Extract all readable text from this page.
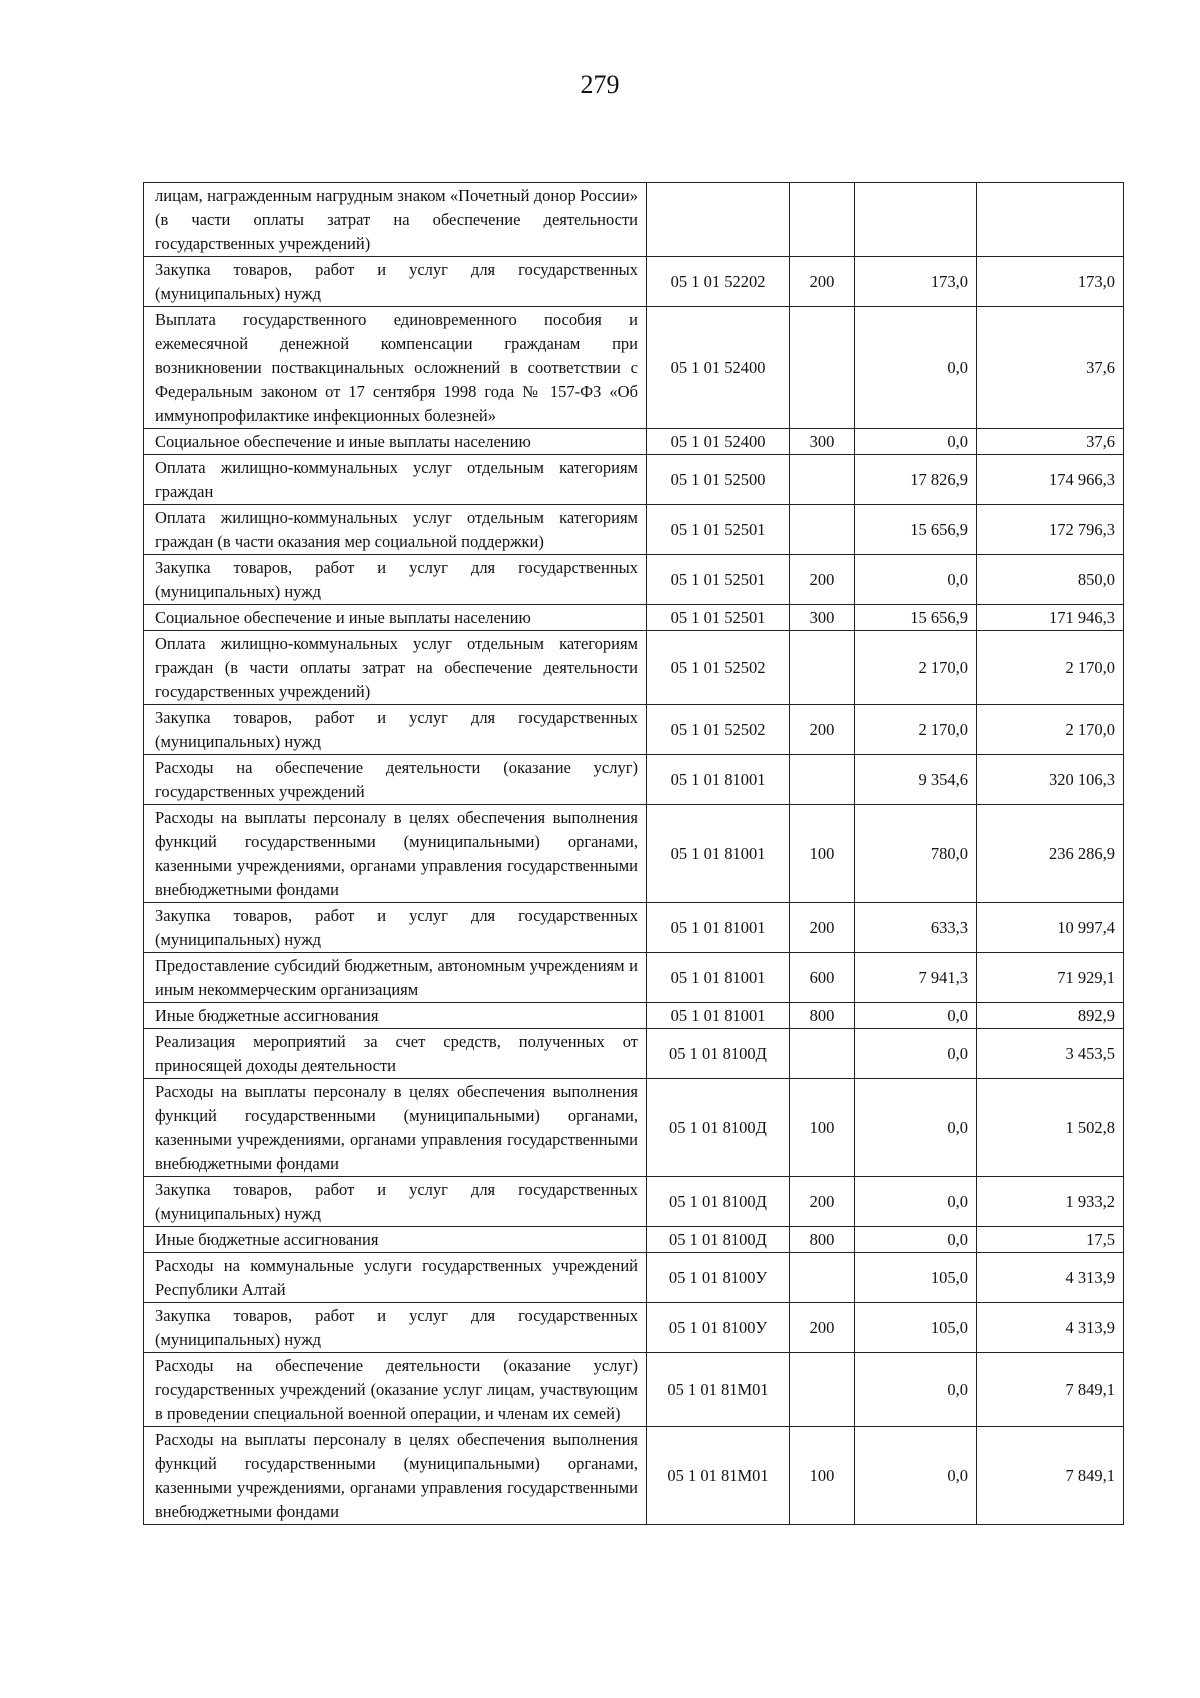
279
лицам, награжденным нагрудным знаком «Почетный донор России» (в части оплаты затрат на обеспечение деятельности государственных учреждений)				
Закупка товаров, работ и услуг для государственных (муниципальных) нужд	05 1 01 52202	200	173,0	173,0
Выплата государственного единовременного пособия и ежемесячной денежной компенсации гражданам при возникновении поствакцинальных осложнений в соответствии с Федеральным законом от 17 сентября 1998 года № 157-ФЗ «Об иммунопрофилактике инфекционных болезней»	05 1 01 52400		0,0	37,6
Социальное обеспечение и иные выплаты населению	05 1 01 52400	300	0,0	37,6
Оплата жилищно-коммунальных услуг отдельным категориям граждан	05 1 01 52500		17 826,9	174 966,3
Оплата жилищно-коммунальных услуг отдельным категориям граждан (в части оказания мер социальной поддержки)	05 1 01 52501		15 656,9	172 796,3
Закупка товаров, работ и услуг для государственных (муниципальных) нужд	05 1 01 52501	200	0,0	850,0
Социальное обеспечение и иные выплаты населению	05 1 01 52501	300	15 656,9	171 946,3
Оплата жилищно-коммунальных услуг отдельным категориям граждан (в части оплаты затрат на обеспечение деятельности государственных учреждений)	05 1 01 52502		2 170,0	2 170,0
Закупка товаров, работ и услуг для государственных (муниципальных) нужд	05 1 01 52502	200	2 170,0	2 170,0
Расходы на обеспечение деятельности (оказание услуг) государственных учреждений	05 1 01 81001		9 354,6	320 106,3
Расходы на выплаты персоналу в целях обеспечения выполнения функций государственными (муниципальными) органами, казенными учреждениями, органами управления государственными внебюджетными фондами	05 1 01 81001	100	780,0	236 286,9
Закупка товаров, работ и услуг для государственных (муниципальных) нужд	05 1 01 81001	200	633,3	10 997,4
Предоставление субсидий бюджетным, автономным учреждениям и иным некоммерческим организациям	05 1 01 81001	600	7 941,3	71 929,1
Иные бюджетные ассигнования	05 1 01 81001	800	0,0	892,9
Реализация мероприятий за счет средств, полученных от приносящей доходы деятельности	05 1 01 8100Д		0,0	3 453,5
Расходы на выплаты персоналу в целях обеспечения выполнения функций государственными (муниципальными) органами, казенными учреждениями, органами управления государственными внебюджетными фондами	05 1 01 8100Д	100	0,0	1 502,8
Закупка товаров, работ и услуг для государственных (муниципальных) нужд	05 1 01 8100Д	200	0,0	1 933,2
Иные бюджетные ассигнования	05 1 01 8100Д	800	0,0	17,5
Расходы на коммунальные услуги государственных учреждений Республики Алтай	05 1 01 8100У		105,0	4 313,9
Закупка товаров, работ и услуг для государственных (муниципальных) нужд	05 1 01 8100У	200	105,0	4 313,9
Расходы на обеспечение деятельности (оказание услуг) государственных учреждений (оказание услуг лицам, участвующим в проведении специальной военной операции, и членам их семей)	05 1 01 81М01		0,0	7 849,1
Расходы на выплаты персоналу в целях обеспечения выполнения функций государственными (муниципальными) органами, казенными учреждениями, органами управления государственными внебюджетными фондами	05 1 01 81М01	100	0,0	7 849,1
